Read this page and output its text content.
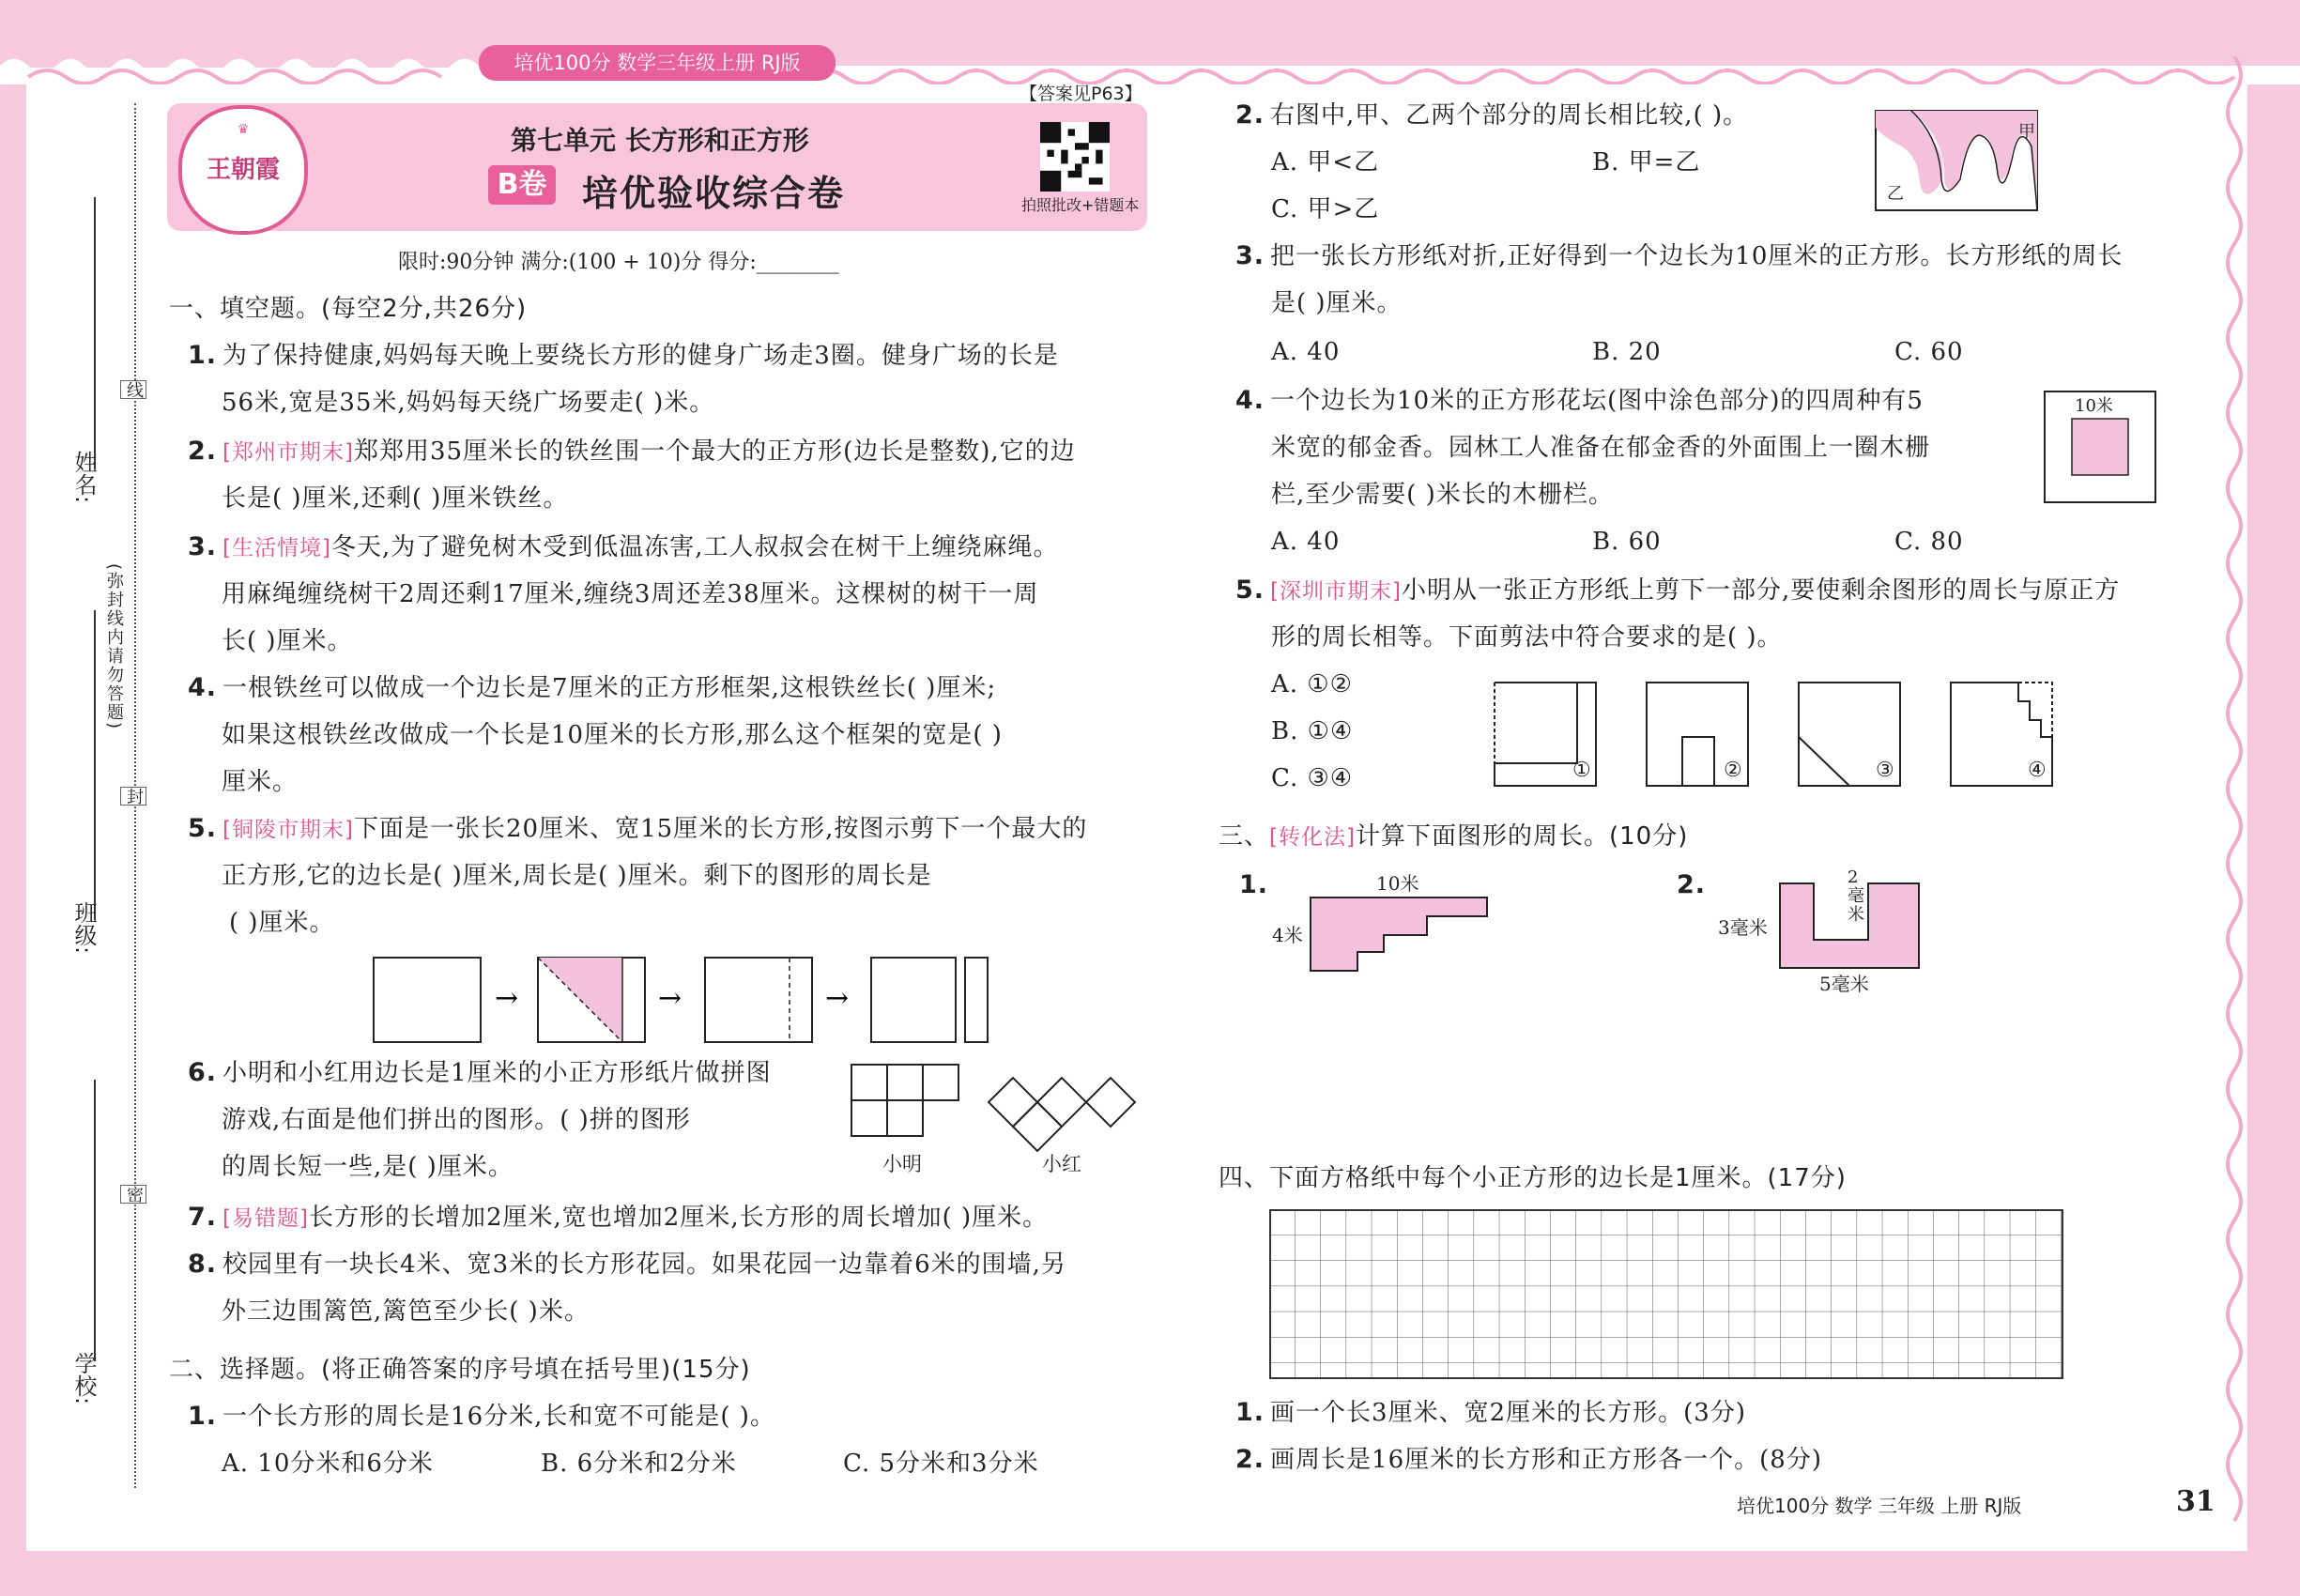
培优100分 数学三年级上册 RJ版
♛
王朝霞
【答案见P63】
第七单元 长方形和正方形
B卷 培优验收综合卷	拍照批改+错题本
限时:90分钟 满分:(100 + 10)分 得分:________
姓名:
班级:
学校:
线
(弥封线内请勿答题)
封
密
一、填空题。(每空2分,共26分)
1. 为了保持健康,妈妈每天晚上要绕长方形的健身广场走3圈。健身广场的长是
56米,宽是35米,妈妈每天绕广场要走( )米。
2. [郑州市期末]郑郑用35厘米长的铁丝围一个最大的正方形(边长是整数),它的边
长是( )厘米,还剩( )厘米铁丝。
3. [生活情境]冬天,为了避免树木受到低温冻害,工人叔叔会在树干上缠绕麻绳。
用麻绳缠绕树干2周还剩17厘米,缠绕3周还差38厘米。这棵树的树干一周
长( )厘米。
4. 一根铁丝可以做成一个边长是7厘米的正方形框架,这根铁丝长( )厘米;
如果这根铁丝改做成一个长是10厘米的长方形,那么这个框架的宽是( )
厘米。
5. [铜陵市期末]下面是一张长20厘米、宽15厘米的长方形,按图示剪下一个最大的
正方形,它的边长是( )厘米,周长是( )厘米。剩下的图形的周长是
( )厘米。
→	→	→
6. 小明和小红用边长是1厘米的小正方形纸片做拼图
游戏,右面是他们拼出的图形。( )拼的图形
的周长短一些,是( )厘米。	小明	小红
7. [易错题]长方形的长增加2厘米,宽也增加2厘米,长方形的周长增加( )厘米。
8. 校园里有一块长4米、宽3米的长方形花园。如果花园一边靠着6米的围墙,另
外三边围篱笆,篱笆至少长( )米。
二、选择题。(将正确答案的序号填在括号里)(15分)
1. 一个长方形的周长是16分米,长和宽不可能是( )。
A. 10分米和6分米	B. 6分米和2分米	C. 5分米和3分米
2. 右图中,甲、乙两个部分的周长相比较,( )。
A. 甲<乙	B. 甲=乙
C. 甲>乙
甲
乙
3. 把一张长方形纸对折,正好得到一个边长为10厘米的正方形。长方形纸的周长
是( )厘米。
A. 40	B. 20	C. 60
4. 一个边长为10米的正方形花坛(图中涂色部分)的四周种有5
米宽的郁金香。园林工人准备在郁金香的外面围上一圈木栅
栏,至少需要( )米长的木栅栏。
A. 40	B. 60	C. 80
10米
5. [深圳市期末]小明从一张正方形纸上剪下一部分,要使剩余图形的周长与原正方
形的周长相等。下面剪法中符合要求的是( )。
A. ①②
B. ①④
C. ③④	①	②	③	④
三、[转化法]计算下面图形的周长。(10分)
1.	10米
4米
2.	2毫米
3毫米
5毫米
四、下面方格纸中每个小正方形的边长是1厘米。(17分)
1. 画一个长3厘米、宽2厘米的长方形。(3分)
2. 画周长是16厘米的长方形和正方形各一个。(8分)
培优100分 数学 三年级 上册 RJ版	31
